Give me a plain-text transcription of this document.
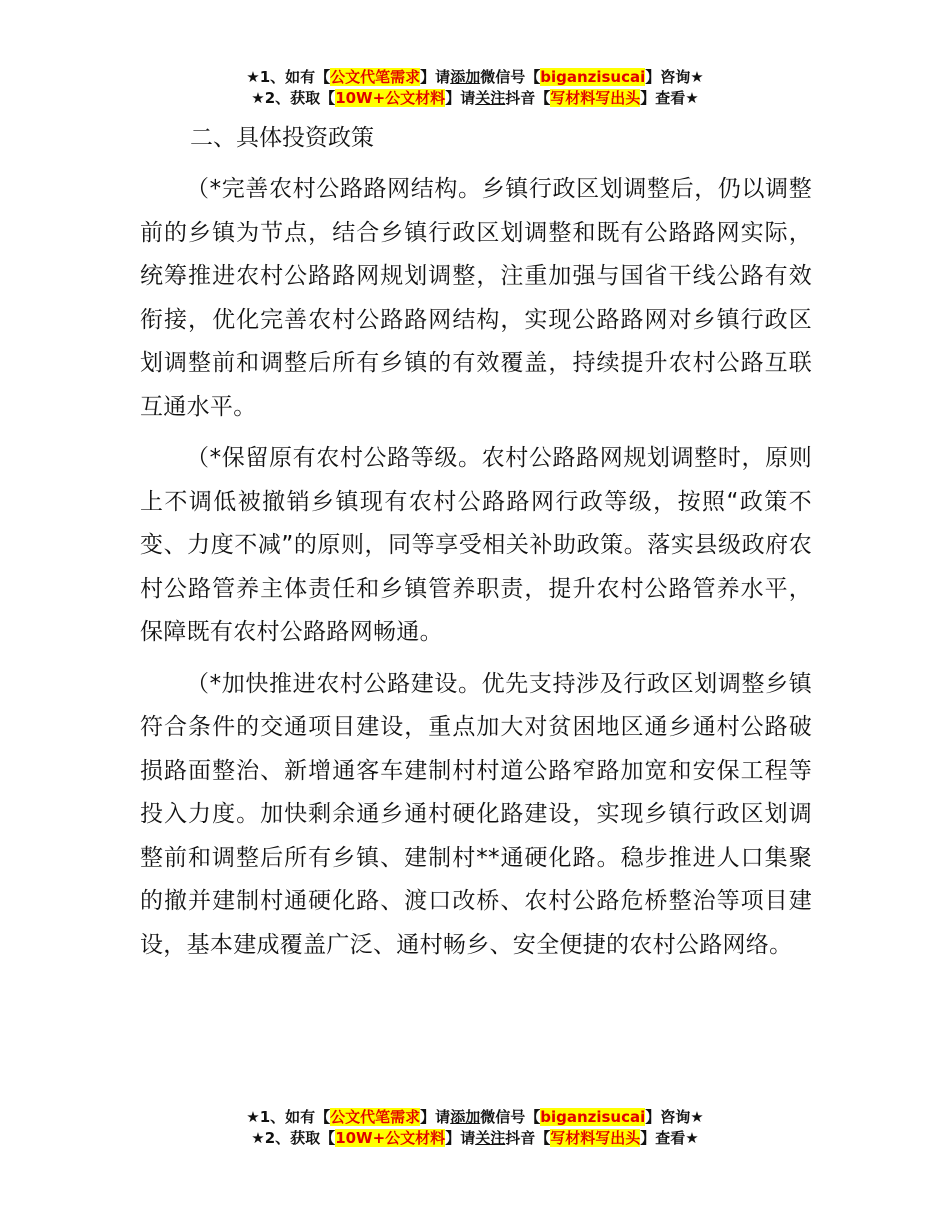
★1、如有【公文代笔需求】请添加微信号【biganzisucai】咨询★
★2、获取【10W+公文材料】请关注抖音【写材料写出头】查看★
二、具体投资政策

（*完善农村公路路网结构。乡镇行政区划调整后，仍以调整前的乡镇为节点，结合乡镇行政区划调整和既有公路路网实际，统筹推进农村公路路网规划调整，注重加强与国省干线公路有效衔接，优化完善农村公路路网结构，实现公路路网对乡镇行政区划调整前和调整后所有乡镇的有效覆盖，持续提升农村公路互联互通水平。

（*保留原有农村公路等级。农村公路路网规划调整时，原则上不调低被撤销乡镇现有农村公路路网行政等级，按照“政策不变、力度不减”的原则，同等享受相关补助政策。落实县级政府农村公路管养主体责任和乡镇管养职责，提升农村公路管养水平，保障既有农村公路路网畅通。

（*加快推进农村公路建设。优先支持涉及行政区划调整乡镇符合条件的交通项目建设，重点加大对贫困地区通乡通村公路破损路面整治、新增通客车建制村村道公路窄路加宽和安保工程等投入力度。加快剩余通乡通村硬化路建设，实现乡镇行政区划调整前和调整后所有乡镇、建制村**通硬化路。稳步推进人口集聚的撤并建制村通硬化路、渡口改桥、农村公路危桥整治等项目建设，基本建成覆盖广泛、通村畅乡、安全便捷的农村公路网络。

★1、如有【公文代笔需求】请添加微信号【biganzisucai】咨询★
★2、获取【10W+公文材料】请关注抖音【写材料写出头】查看★
